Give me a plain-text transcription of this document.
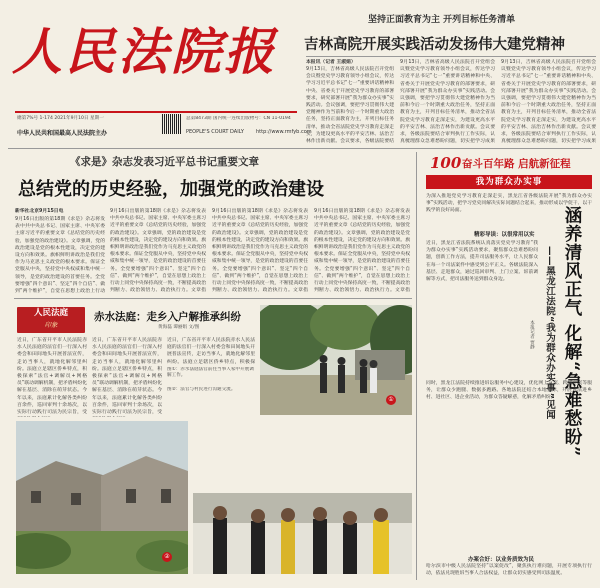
人民法院报
總第7%号 1-174 2021年9月10日 星期一	总第8473期 国内统一连续出版物号：CN 11-0194
中华人民共和国最高人民法院主办	PEOPLE'S COURT DAILY http://www.rmfyb.com
坚持正面教育为主 开列目标任务清单
吉林高院开展实践活动发扬伟大建党精神
本报讯（记者 王淑娟）
9月13日，吉林省高级人民法院召开党组会议暨党史学习教育领导小组会议，传达学习习近平总书记“七一”重要讲话精神和中央、省委关于开展党史学习教育的部署要求，研究部署开展“我为群众办实事”实践活动。会议强调，要把学习贯彻伟大建党精神作为当前和今后一个时期重大政治任务，坚持正面教育为主，开列目标任务清单，推动全省法院党史学习教育走深走实，为建设更高水平的平安吉林、法治吉林作出新贡献。会议要求，各级法院要结
9月13日，吉林省高级人民法院召开党组会议暨党史学习教育领导小组会议，传达学习习近平总书记“七一”重要讲话精神和中央、省委关于开展党史学习教育的部署要求，研究部署开展“我为群众办实事”实践活动。会议强调，要把学习贯彻伟大建党精神作为当前和今后一个时期重大政治任务，坚持正面教育为主，开列目标任务清单，推动全省法院党史学习教育走深走实，为建设更高水平的平安吉林、法治吉林作出新贡献。会议要求，各级法院要结合审判执行工作实际，认真梳理群众急难愁盼问题，切实把学习成果
9月13日，吉林省高级人民法院召开党组会议暨党史学习教育领导小组会议，传达学习习近平总书记“七一”重要讲话精神和中央、省委关于开展党史学习教育的部署要求，研究部署开展“我为群众办实事”实践活动。会议强调，要把学习贯彻伟大建党精神作为当前和今后一个时期重大政治任务，坚持正面教育为主，开列目标任务清单，推动全省法院党史学习教育走深走实，为建设更高水平的平安吉林、法治吉林作出新贡献。会议要求，各级法院要结合审判执行工作实际，认真梳理群众急难愁盼问题，切实把学习成果
《求是》杂志发表习近平总书记重要文章
总结党的历史经验，加强党的政治建设
新华社北京9月15日电
9月16日出版的第18期《求是》杂志将发表中共中央总书记、国家主席、中央军委主席习近平的重要文章《总结党的历史经验，加强党的政治建设》。文章强调，党的政治建设是党的根本性建设，决定党的建设方向和效果。旗帜鲜明讲政治是我们党作为马克思主义政党的根本要求。保证全党服从中央，坚持党中央权威和集中统一领导，是党的政治建设的首要任务。全党要增强“四个意识”、坚定“四个自信”、做到“两个维护”，自觉在思想上政治上行动
9月16日出版的第18期《求是》杂志将发表中共中央总书记、国家主席、中央军委主席习近平的重要文章《总结党的历史经验，加强党的政治建设》。文章强调，党的政治建设是党的根本性建设，决定党的建设方向和效果。旗帜鲜明讲政治是我们党作为马克思主义政党的根本要求。保证全党服从中央，坚持党中央权威和集中统一领导，是党的政治建设的首要任务。全党要增强“四个意识”、坚定“四个自信”、做到“两个维护”，自觉在思想上政治上行动上同党中央保持高度一致，不断提高政治判断力、政治领悟力、政治执行力。文章指
9月16日出版的第18期《求是》杂志将发表中共中央总书记、国家主席、中央军委主席习近平的重要文章《总结党的历史经验，加强党的政治建设》。文章强调，党的政治建设是党的根本性建设，决定党的建设方向和效果。旗帜鲜明讲政治是我们党作为马克思主义政党的根本要求。保证全党服从中央，坚持党中央权威和集中统一领导，是党的政治建设的首要任务。全党要增强“四个意识”、坚定“四个自信”、做到“两个维护”，自觉在思想上政治上行动上同党中央保持高度一致，不断提高政治判断力、政治领悟力、政治执行力。文章指
9月16日出版的第18期《求是》杂志将发表中共中央总书记、国家主席、中央军委主席习近平的重要文章《总结党的历史经验，加强党的政治建设》。文章强调，党的政治建设是党的根本性建设，决定党的建设方向和效果。旗帜鲜明讲政治是我们党作为马克思主义政党的根本要求。保证全党服从中央，坚持党中央权威和集中统一领导，是党的政治建设的首要任务。全党要增强“四个意识”、坚定“四个自信”、做到“两个维护”，自觉在思想上政治上行动上同党中央保持高度一致，不断提高政治判断力、政治领悟力、政治执行力。文章指
人民法庭
印象
赤水法庭：走乡入户解推承纠纷
黄海磊 谭丽娟 文/图
近日，广东省开平市人民法院赤水人民法庭的法官们一行深入村委会和田间地头开展普法宣传，走访当事人，就地化解邻里纠纷。法庭立足辖区侨乡特点，积极探索“法官+调解员+网格员”联动调解机制，把矛盾纠纷化解在基层、消除在萌芽状态。今年以来，法庭累计化解各类纠纷百余件，巡回审判十余场次，以实际行动践行司法为民宗旨，受
近日，广东省开平市人民法院赤水人民法庭的法官们一行深入村委会和田间地头开展普法宣传，走访当事人，就地化解邻里纠纷。法庭立足辖区侨乡特点，积极探索“法官+调解员+网格员”联动调解机制，把矛盾纠纷化解在基层、消除在萌芽状态。今年以来，法庭累计化解各类纠纷百余件，巡回审判十余场次，以实际行动践行司法为民宗旨，受
近日，广东省开平市人民法院赤水人民法庭的法官们一行深入村委会和田间地头开展普法宣传，走访当事人，就地化解邻里纠纷。法庭立足辖区侨乡特点，积极探
图①：赤水法庭法官前往当事人家中开展调解工作。
图②：法官与村民进行沟通交流。
①
②
100 奋斗百年路 启航新征程
我为群众办实事
为深入推进党史学习教育走深走实，黑龙江省各级法院开展“我为群众办实事”实践活动，把学习党史同解决实际问题结合起来，推动形成以学促干、以干践学的良好局面。
精彩导读：以很常用以实
近日，黑龙江省法院系统认真落实党史学习教育“我为群众办实事”实践活动要求，聚焦群众急难愁盼问题，创新工作方法，提升司法服务水平，让人民群众在每一个司法案件中感受到公平正义。各级法院深入基层、走进群众，通过巡回审判、上门立案、诉前调解等方式，把司法服务送到群众身边。	涵养清风正气 化解“急难愁盼”
——黑龙江法院“我为群众办实事”见闻
本报记者 贾静
同时，黑龙江法院持续推进诉讼服务中心建设，优化网上立案、跨域立案等服务，让群众少跑腿、数据多跑路。各地法院还结合本地实际，开展送法进乡村、进社区、进企业活动，为群众答疑解惑，化解矛盾纠纷。
办案合好：以业务质效为民
哈尔滨市中级人民法院坚持“以案促改”，聚焦执行难问题，开展专项执行行动，依法兑现胜诉当事人合法权益，让群众切实感受到司法温度。
